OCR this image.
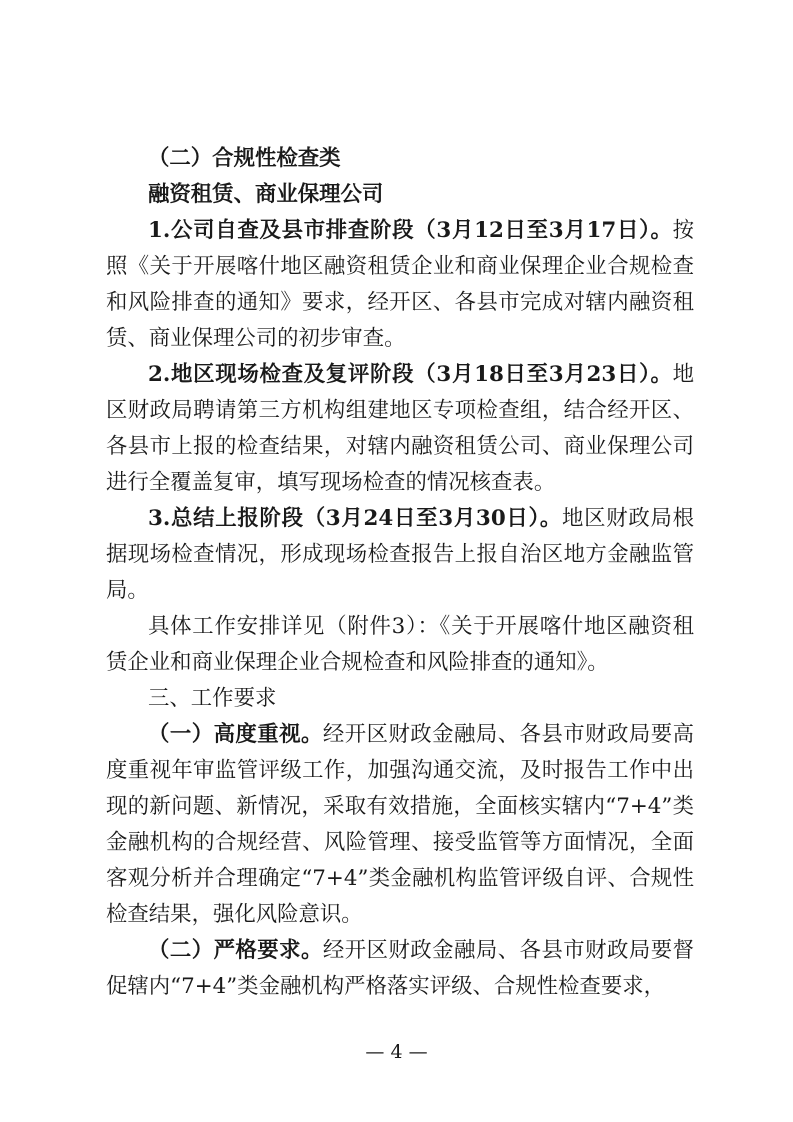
（二）合规性检查类

融资租赁、商业保理公司

1.公司自查及县市排查阶段（3月12日至3月17日）。按照《关于开展喀什地区融资租赁企业和商业保理企业合规检查和风险排查的通知》要求，经开区、各县市完成对辖内融资租赁、商业保理公司的初步审查。

2.地区现场检查及复评阶段（3月18日至3月23日）。地区财政局聘请第三方机构组建地区专项检查组，结合经开区、各县市上报的检查结果，对辖内融资租赁公司、商业保理公司进行全覆盖复审，填写现场检查的情况核查表。

3.总结上报阶段（3月24日至3月30日）。地区财政局根据现场检查情况，形成现场检查报告上报自治区地方金融监管局。

具体工作安排详见（附件3）：《关于开展喀什地区融资租赁企业和商业保理企业合规检查和风险排查的通知》。

三、工作要求

（一）高度重视。经开区财政金融局、各县市财政局要高度重视年审监管评级工作，加强沟通交流，及时报告工作中出现的新问题、新情况，采取有效措施，全面核实辖内“7+4”类金融机构的合规经营、风险管理、接受监管等方面情况，全面客观分析并合理确定“7+4”类金融机构监管评级自评、合规性检查结果，强化风险意识。

（二）严格要求。经开区财政金融局、各县市财政局要督促辖内“7+4”类金融机构严格落实评级、合规性检查要求，

— 4 —
